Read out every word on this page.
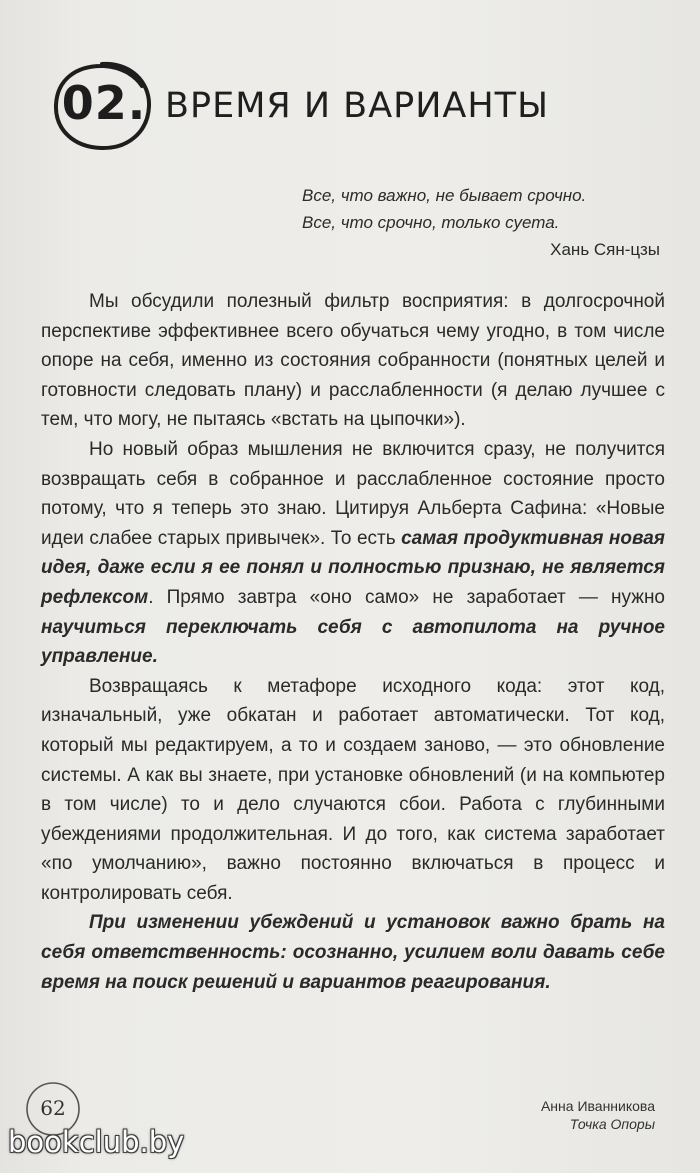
02. ВРЕМЯ И ВАРИАНТЫ
Все, что важно, не бывает срочно.
Все, что срочно, только суета.
Хань Сян-цзы

Мы обсудили полезный фильтр восприятия: в долгосрочной перспективе эффективнее всего обучаться чему угодно, в том числе опоре на себя, именно из состояния собранности (понятных целей и готовности следовать плану) и расслабленности (я делаю лучшее с тем, что могу, не пытаясь «встать на цыпочки»).

Но новый образ мышления не включится сразу, не получится возвращать себя в собранное и расслабленное состояние просто потому, что я теперь это знаю. Цитируя Альберта Сафина: «Новые идеи слабее старых привычек». То есть самая продуктивная новая идея, даже если я ее понял и полностью признаю, не является рефлексом. Прямо завтра «оно само» не заработает — нужно научиться переключать себя с автопилота на ручное управление.

Возвращаясь к метафоре исходного кода: этот код, изначальный, уже обкатан и работает автоматически. Тот код, который мы редактируем, а то и создаем заново, — это обновление системы. А как вы знаете, при установке обновлений (и на компьютер в том числе) то и дело случаются сбои. Работа с глубинными убеждениями продолжительная. И до того, как система заработает «по умолчанию», важно постоянно включаться в процесс и контролировать себя.

При изменении убеждений и установок важно брать на себя ответственность: осознанно, усилием воли давать себе время на поиск решений и вариантов реагирования.

62	Анна Иванникова
Точка Опоры
bookclub.by
